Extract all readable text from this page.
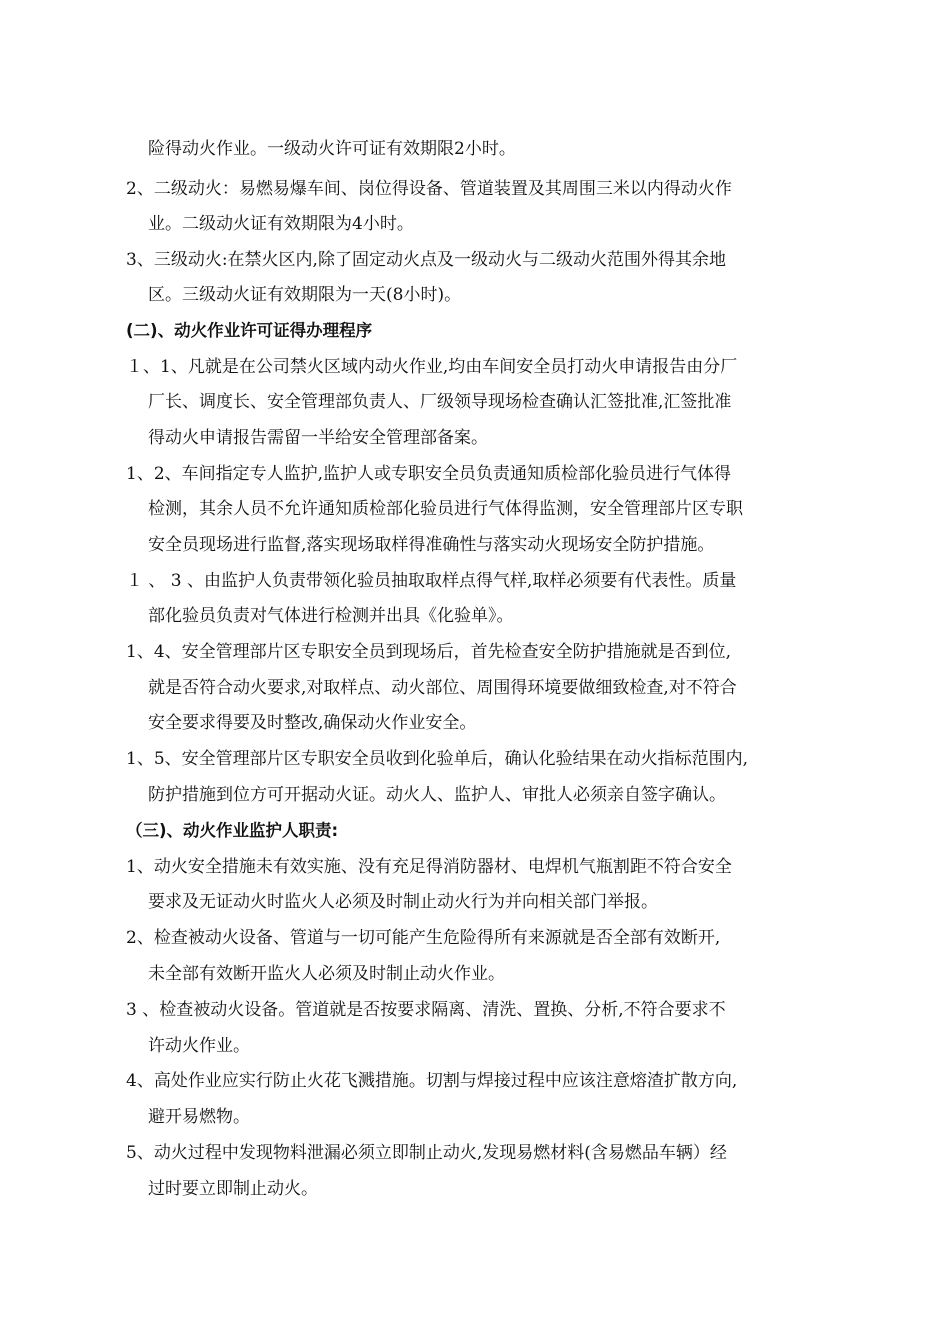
险得动火作业。一级动火许可证有效期限2小时。
2、二级动火：易燃易爆车间、岗位得设备、管道装置及其周围三米以内得动火作
业。二级动火证有效期限为4小时。
3、三级动火:在禁火区内,除了固定动火点及一级动火与二级动火范围外得其余地
区。三级动火证有效期限为一天(8小时)。
(二)、动火作业许可证得办理程序
１、1、凡就是在公司禁火区域内动火作业,均由车间安全员打动火申请报告由分厂
厂长、调度长、安全管理部负责人、厂级领导现场检查确认汇签批准,汇签批准
得动火申请报告需留一半给安全管理部备案。
1、2、车间指定专人监护,监护人或专职安全员负责通知质检部化验员进行气体得
检测，其余人员不允许通知质检部化验员进行气体得监测，安全管理部片区专职
安全员现场进行监督,落实现场取样得准确性与落实动火现场安全防护措施。
１ 、 3 、由监护人负责带领化验员抽取取样点得气样,取样必须要有代表性。质量
部化验员负责对气体进行检测并出具《化验单》。
1、4、安全管理部片区专职安全员到现场后，首先检查安全防护措施就是否到位,
就是否符合动火要求,对取样点、动火部位、周围得环境要做细致检查,对不符合
安全要求得要及时整改,确保动火作业安全。
1、5、安全管理部片区专职安全员收到化验单后，确认化验结果在动火指标范围内,
防护措施到位方可开据动火证。动火人、监护人、审批人必须亲自签字确认。
（三)、动火作业监护人职责:
1、动火安全措施未有效实施、没有充足得消防器材、电焊机气瓶割距不符合安全
要求及无证动火时监火人必须及时制止动火行为并向相关部门举报。
2、检查被动火设备、管道与一切可能产生危险得所有来源就是否全部有效断开,
未全部有效断开监火人必须及时制止动火作业。
3 、检查被动火设备。管道就是否按要求隔离、清洗、置换、分析,不符合要求不
许动火作业。
4、高处作业应实行防止火花飞溅措施。切割与焊接过程中应该注意熔渣扩散方向,
避开易燃物。
5、动火过程中发现物料泄漏必须立即制止动火,发现易燃材料(含易燃品车辆）经
过时要立即制止动火。
